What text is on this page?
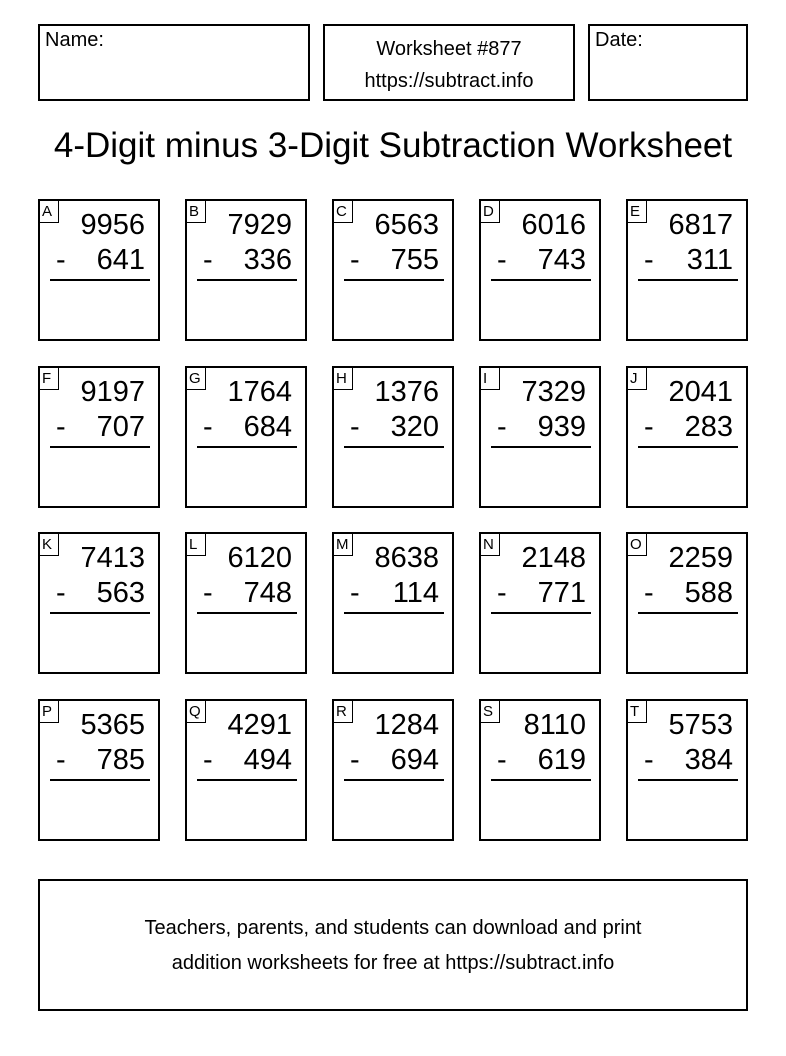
Name:	Worksheet #877
https://subtract.info
Date:
4-Digit minus 3-Digit Subtraction Worksheet
A 9956
- 641
B 7929
- 336
C 6563
- 755
D 6016
- 743
E 6817
- 311
F 9197
- 707
G 1764
- 684
H 1376
- 320
I	7329
- 939
J	2041
- 283
K 7413
- 563
L 6120
- 748
M 8638
- 114
N 2148
- 771
O 2259
- 588
P 5365
- 785
Q 4291
- 494
R 1284
- 694
S 8110
- 619
T 5753
- 384
Teachers, parents, and students can download and print
addition worksheets for free at https://subtract.info
